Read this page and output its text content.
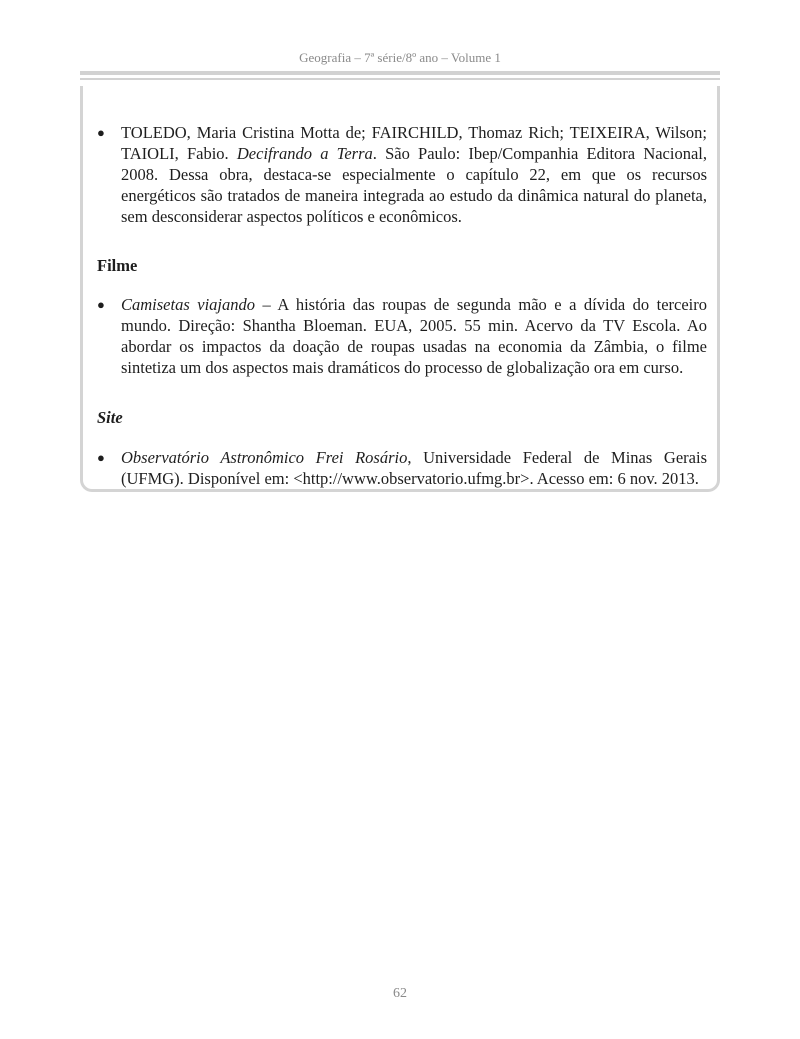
Geografia – 7ª série/8º ano – Volume 1
● TOLEDO, Maria Cristina Motta de; FAIRCHILD, Thomaz Rich; TEIXEIRA, Wilson; TAIOLI, Fabio. Decifrando a Terra. São Paulo: Ibep/Companhia Editora Nacional, 2008. Dessa obra, destaca-se especialmente o capítulo 22, em que os recursos energéticos são tratados de maneira integrada ao estudo da dinâmica natural do planeta, sem desconsiderar aspectos políticos e econômicos.
Filme
● Camisetas viajando – A história das roupas de segunda mão e a dívida do terceiro mundo. Direção: Shantha Bloeman. EUA, 2005. 55 min. Acervo da TV Escola. Ao abordar os impactos da doação de roupas usadas na economia da Zâmbia, o filme sintetiza um dos aspectos mais dramáticos do processo de globalização ora em curso.
Site
● Observatório Astronômico Frei Rosário, Universidade Federal de Minas Gerais (UFMG). Disponível em: <http://www.observatorio.ufmg.br>. Acesso em: 6 nov. 2013.
62
